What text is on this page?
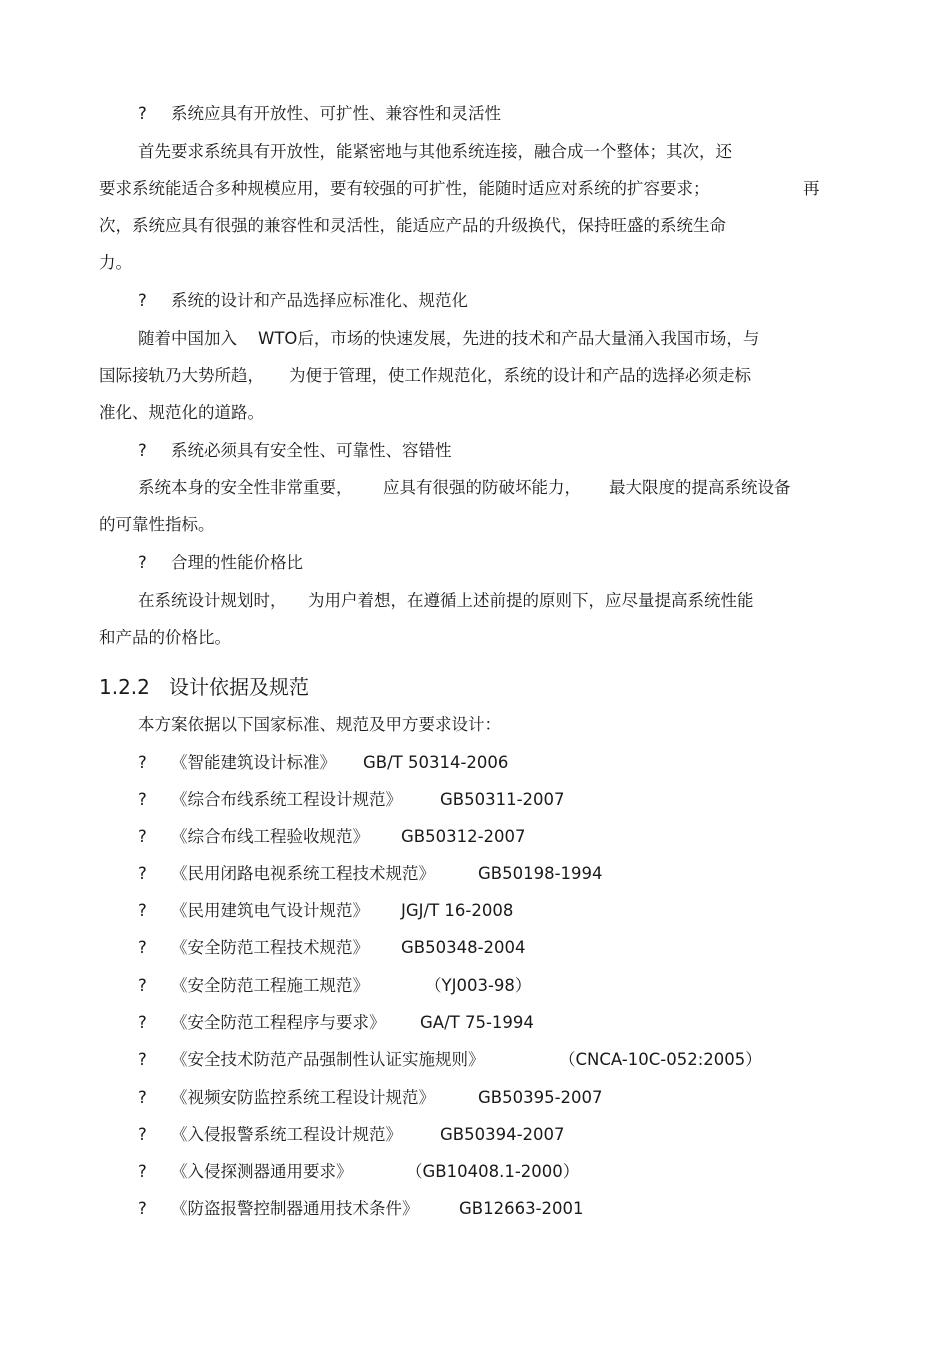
? 系统应具有开放性、可扩性、兼容性和灵活性
首先要求系统具有开放性，能紧密地与其他系统连接，融合成一个整体；其次，还
要求系统能适合多种规模应用，要有较强的可扩性，能随时适应对系统的扩容要求；	再
次，系统应具有很强的兼容性和灵活性，能适应产品的升级换代，保持旺盛的系统生命
力。
? 系统的设计和产品选择应标准化、规范化
随着中国加入 WTO后，市场的快速发展，先进的技术和产品大量涌入我国市场，与
国际接轨乃大势所趋， 为便于管理，使工作规范化，系统的设计和产品的选择必须走标
准化、规范化的道路。
? 系统必须具有安全性、可靠性、容错性
系统本身的安全性非常重要， 应具有很强的防破坏能力， 最大限度的提高系统设备
的可靠性指标。
? 合理的性能价格比
在系统设计规划时， 为用户着想，在遵循上述前提的原则下，应尽量提高系统性能
和产品的价格比。
1.2.2 设计依据及规范
本方案依据以下国家标准、规范及甲方要求设计：
? 《智能建筑设计标准》 GB/T 50314-2006
? 《综合布线系统工程设计规范》 GB50311-2007
? 《综合布线工程验收规范》 GB50312-2007
? 《民用闭路电视系统工程技术规范》	GB50198-1994
? 《民用建筑电气设计规范》 JGJ/T 16-2008
? 《安全防范工程技术规范》 GB50348-2004
? 《安全防范工程施工规范》	（YJ003-98）
? 《安全防范工程程序与要求》 GA/T 75-1994
? 《安全技术防范产品强制性认证实施规则》	（CNCA-10C-052:2005）
? 《视频安防监控系统工程设计规范》	GB50395-2007
? 《入侵报警系统工程设计规范》 GB50394-2007
? 《入侵探测器通用要求》	（GB10408.1-2000）
? 《防盗报警控制器通用技术条件》 GB12663-2001
